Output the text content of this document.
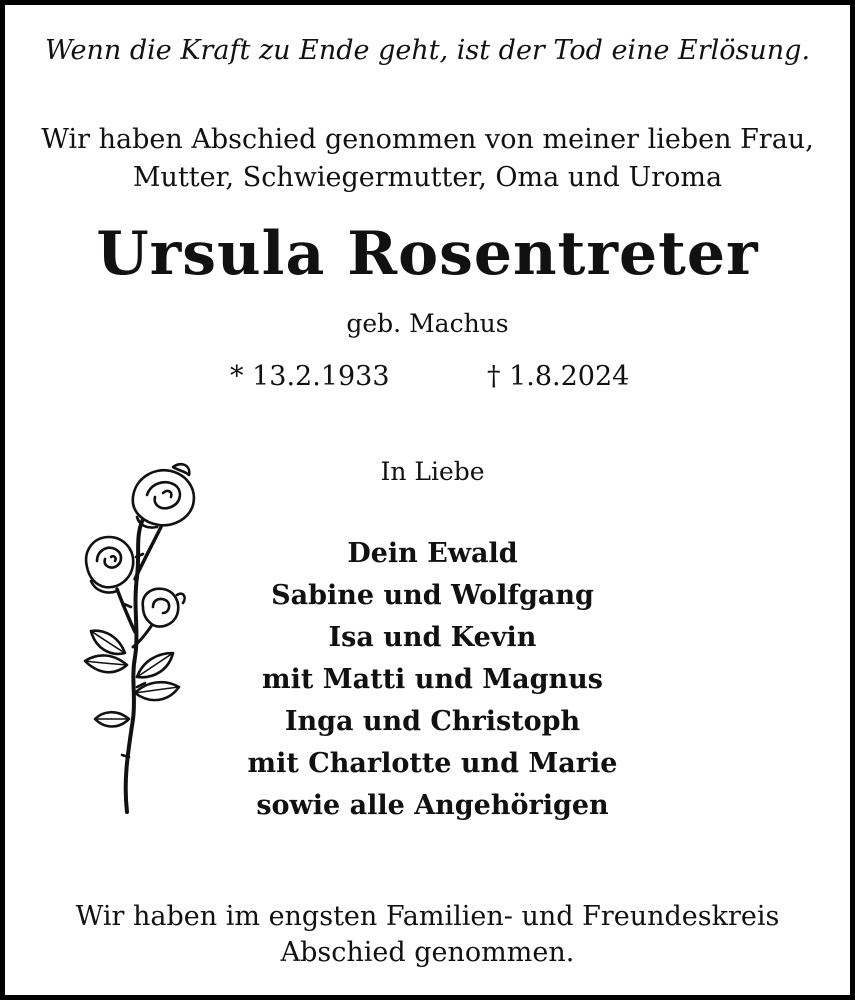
Wenn die Kraft zu Ende geht, ist der Tod eine Erlösung.
Wir haben Abschied genommen von meiner lieben Frau,
Mutter, Schwiegermutter, Oma und Uroma
Ursula Rosentreter
geb. Machus
* 13.2.1933	† 1.8.2024
In Liebe
Dein Ewald
Sabine und Wolfgang
Isa und Kevin
mit Matti und Magnus
Inga und Christoph
mit Charlotte und Marie
sowie alle Angehörigen
Wir haben im engsten Familien- und Freundeskreis
Abschied genommen.
